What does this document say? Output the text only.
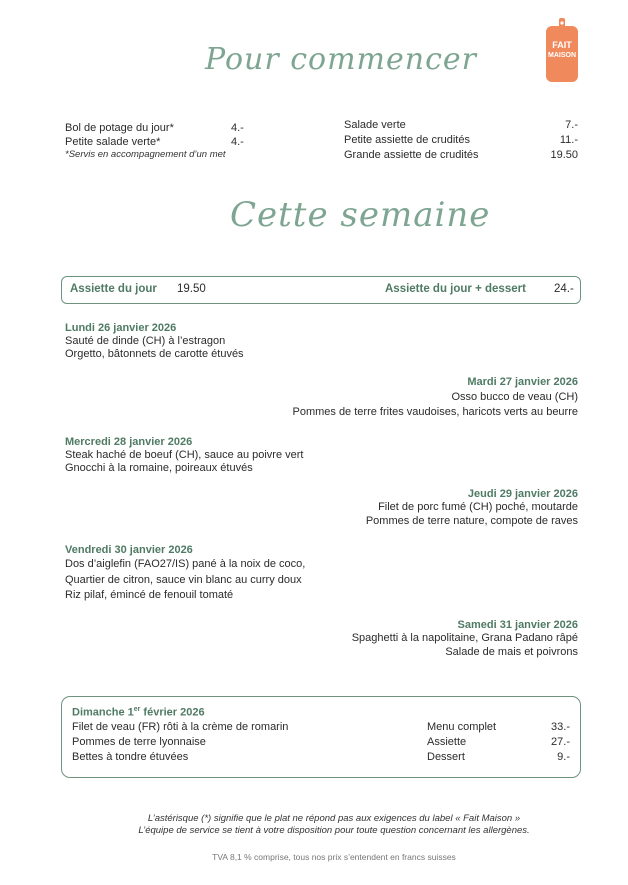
Pour commencer	FAIT
MAISON
Bol de potage du jour*	4.-
Petite salade verte*	4.-
*Servis en accompagnement d’un met
Salade verte	7.-
Petite assiette de crudités	11.-
Grande assiette de crudités	19.50
Cette semaine
Assiette du jour 19.50	Assiette du jour + dessert 24.-
Lundi 26 janvier 2026
Sauté de dinde (CH) à l’estragon
Orgetto, bâtonnets de carotte étuvés
Mardi 27 janvier 2026
Osso bucco de veau (CH)
Pommes de terre frites vaudoises, haricots verts au beurre
Mercredi 28 janvier 2026
Steak haché de boeuf (CH), sauce au poivre vert
Gnocchi à la romaine, poireaux étuvés
Jeudi 29 janvier 2026
Filet de porc fumé (CH) poché, moutarde
Pommes de terre nature, compote de raves
Vendredi 30 janvier 2026
Dos d’aiglefin (FAO27/IS) pané à la noix de coco,
Quartier de citron, sauce vin blanc au curry doux
Riz pilaf, émincé de fenouil tomaté
Samedi 31 janvier 2026
Spaghetti à la napolitaine, Grana Padano râpé
Salade de mais et poivrons
Dimanche 1er février 2026
Filet de veau (FR) rôti à la crème de romarin
Pommes de terre lyonnaise
Bettes à tondre étuvées
Menu complet	33.-
Assiette	27.-
Dessert	9.-
L’astérisque (*) signifie que le plat ne répond pas aux exigences du label « Fait Maison »
L’équipe de service se tient à votre disposition pour toute question concernant les allergènes.
TVA 8,1 % comprise, tous nos prix s’entendent en francs suisses
